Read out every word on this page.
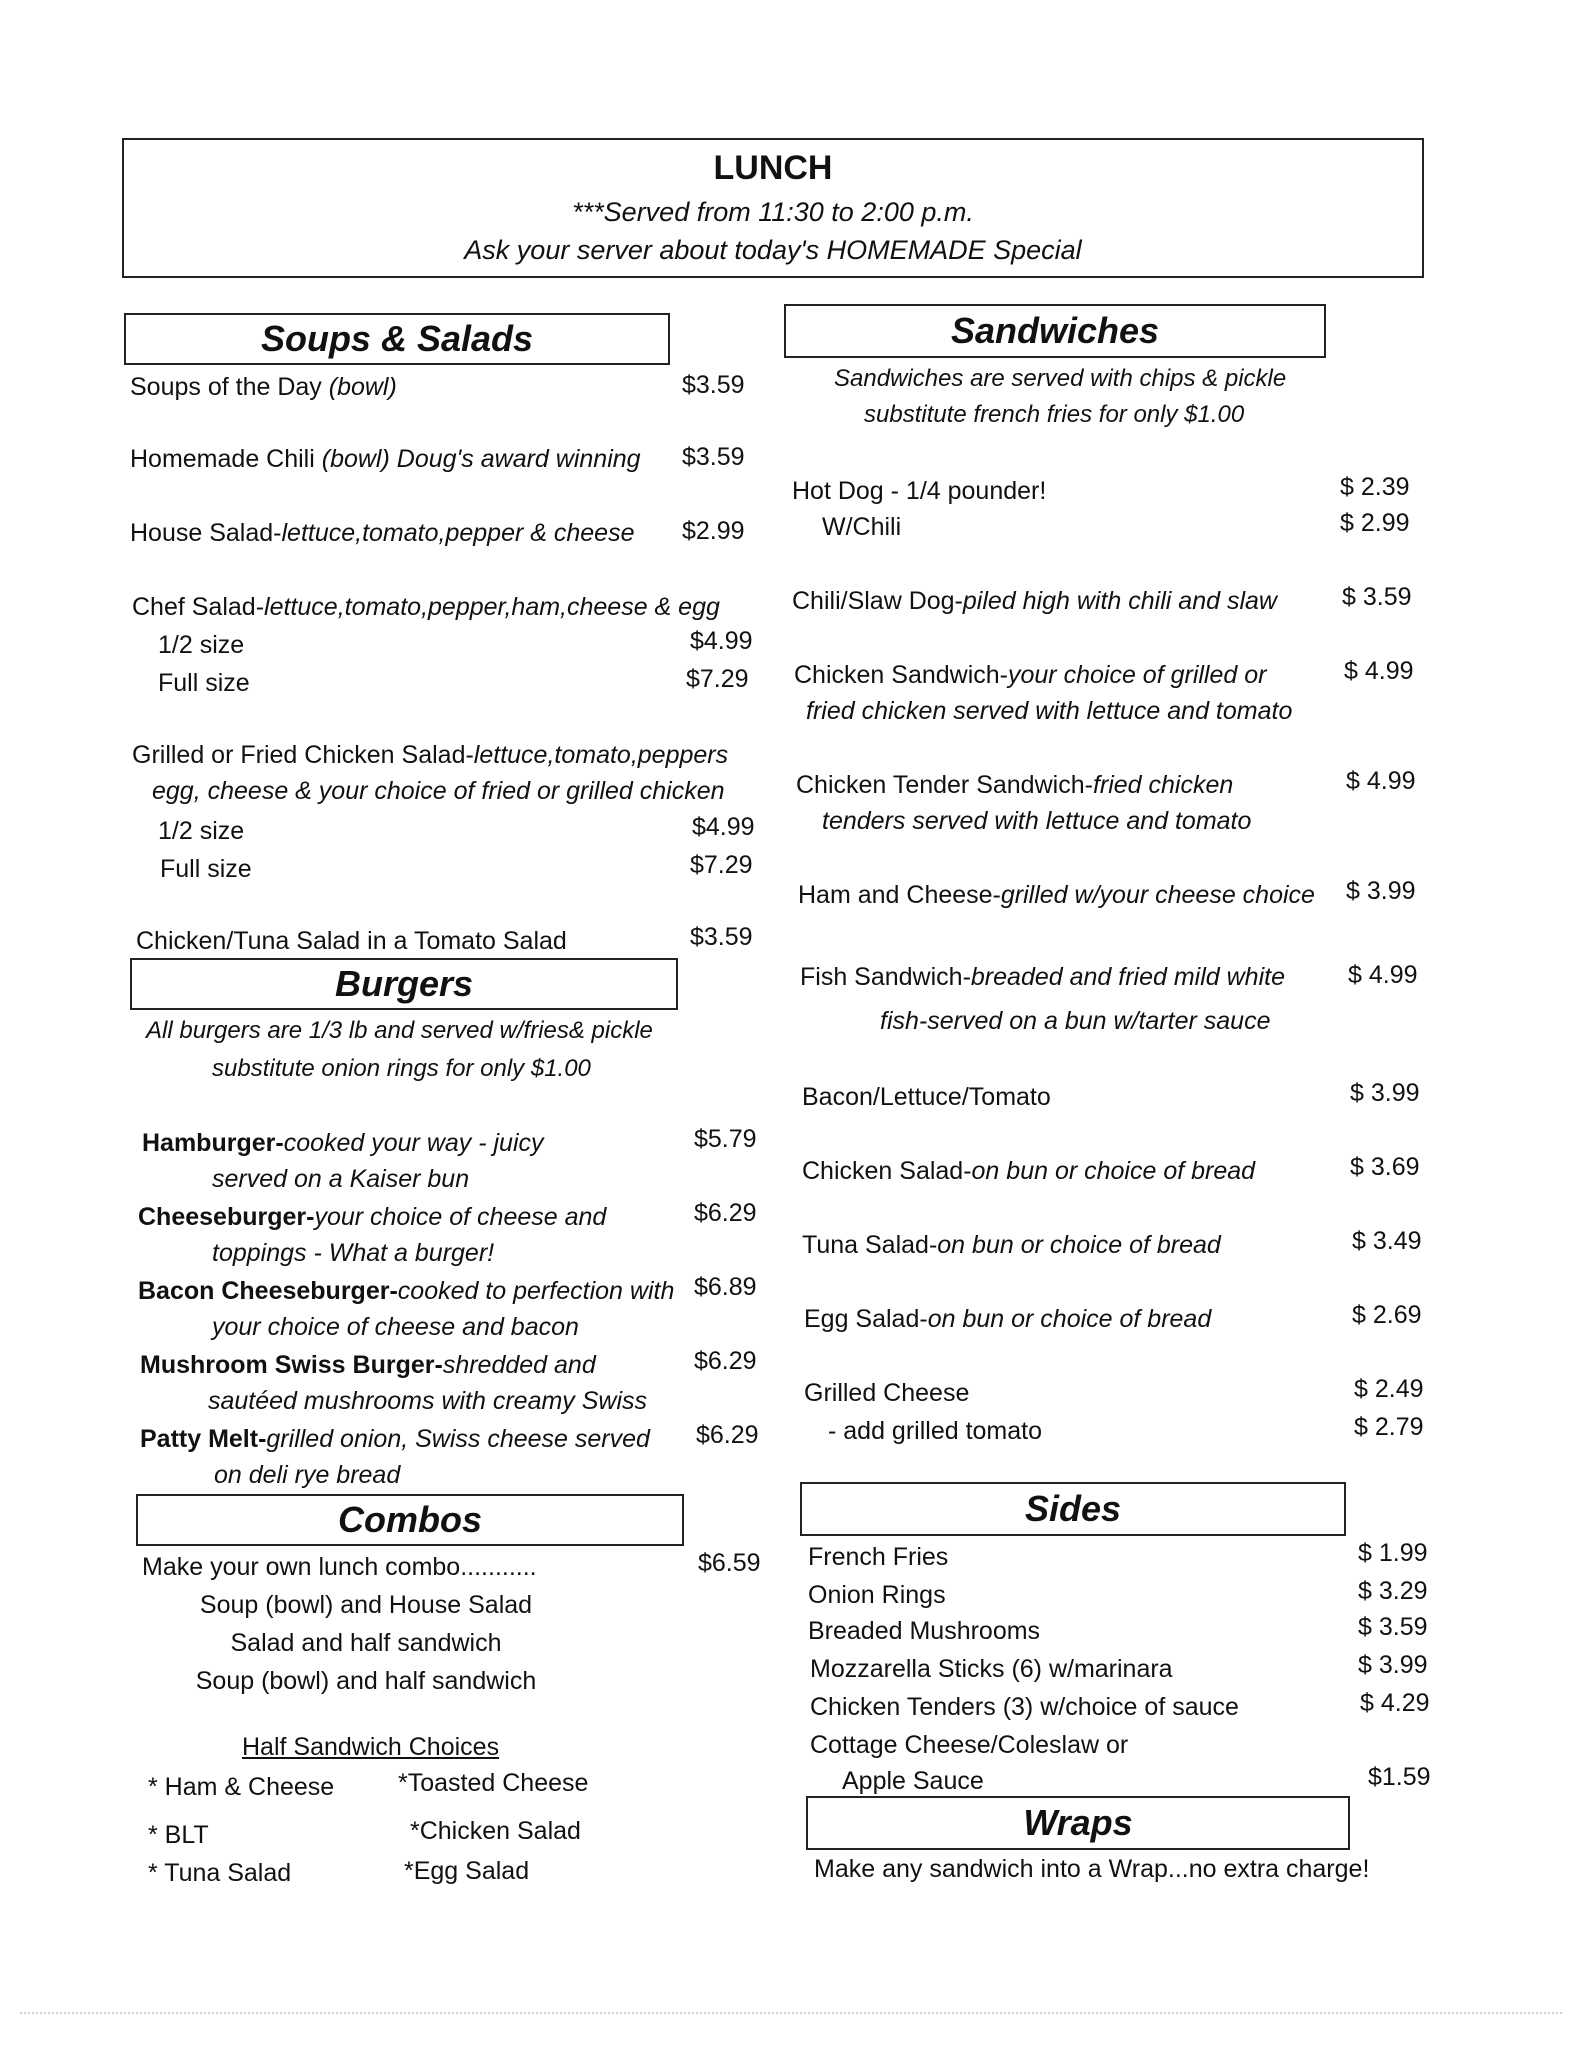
LUNCH
***Served from 11:30 to 2:00 p.m.
Ask your server about today's HOMEMADE Special
Soups & Salads
Soups of the Day (bowl)	$3.59
Homemade Chili (bowl) Doug's award winning $3.59
House Salad-lettuce,tomato,pepper & cheese $2.99
Chef Salad-lettuce,tomato,pepper,ham,cheese & egg
1/2 size	$4.99
Full size	$7.29
Grilled or Fried Chicken Salad-lettuce,tomato,peppers
egg, cheese & your choice of fried or grilled chicken
1/2 size	$4.99
Full size	$7.29
Chicken/Tuna Salad in a Tomato Salad	$3.59
Burgers
All burgers are 1/3 lb and served w/fries& pickle
substitute onion rings for only $1.00
Hamburger-cooked your way - juicy
served on a Kaiser bun
$5.79
Cheeseburger-your choice of cheese and
toppings - What a burger!
$6.29
Bacon Cheeseburger-cooked to perfection with
your choice of cheese and bacon
$6.89
Mushroom Swiss Burger-shredded and
sautéed mushrooms with creamy Swiss
$6.29
Patty Melt-grilled onion, Swiss cheese served
on deli rye bread
$6.29
Combos
Make your own lunch combo...........	$6.59
Soup (bowl) and House Salad
Salad and half sandwich
Soup (bowl) and half sandwich
Half Sandwich Choices
* Ham & Cheese
* BLT
* Tuna Salad
*Toasted Cheese
*Chicken Salad
*Egg Salad
Sandwiches
Sandwiches are served with chips & pickle
substitute french fries for only $1.00
Hot Dog - 1/4 pounder!	$ 2.39
W/Chili	$ 2.99
Chili/Slaw Dog-piled high with chili and slaw	$ 3.59
Chicken Sandwich-your choice of grilled or
fried chicken served with lettuce and tomato
$ 4.99
Chicken Tender Sandwich-fried chicken
tenders served with lettuce and tomato
$ 4.99
Ham and Cheese-grilled w/your cheese choice $ 3.99
Fish Sandwich-breaded and fried mild white
fish-served on a bun w/tarter sauce
$ 4.99
Bacon/Lettuce/Tomato	$ 3.99
Chicken Salad-on bun or choice of bread	$ 3.69
Tuna Salad-on bun or choice of bread	$ 3.49
Egg Salad-on bun or choice of bread	$ 2.69
Grilled Cheese	$ 2.49
- add grilled tomato	$ 2.79
Sides
French Fries	$ 1.99
Onion Rings	$ 3.29
Breaded Mushrooms	$ 3.59
Mozzarella Sticks (6) w/marinara	$ 3.99
Chicken Tenders (3) w/choice of sauce	$ 4.29
Cottage Cheese/Coleslaw or
Apple Sauce	$1.59
Wraps
Make any sandwich into a Wrap...no extra charge!
